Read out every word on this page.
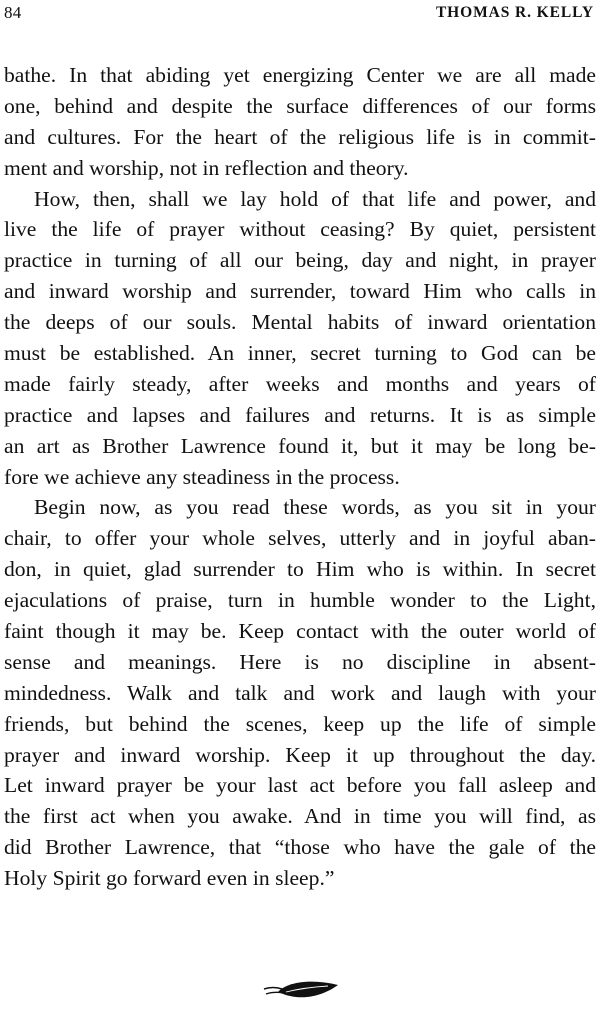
84	THOMAS R. KELLY
bathe. In that abiding yet energizing Center we are all made
one, behind and despite the surface differences of our forms
and cultures. For the heart of the religious life is in commit-
ment and worship, not in reflection and theory.
How, then, shall we lay hold of that life and power, and
live the life of prayer without ceasing? By quiet, persistent
practice in turning of all our being, day and night, in prayer
and inward worship and surrender, toward Him who calls in
the deeps of our souls. Mental habits of inward orientation
must be established. An inner, secret turning to God can be
made fairly steady, after weeks and months and years of
practice and lapses and failures and returns. It is as simple
an art as Brother Lawrence found it, but it may be long be-
fore we achieve any steadiness in the process.
Begin now, as you read these words, as you sit in your
chair, to offer your whole selves, utterly and in joyful aban-
don, in quiet, glad surrender to Him who is within. In secret
ejaculations of praise, turn in humble wonder to the Light,
faint though it may be. Keep contact with the outer world of
sense and meanings. Here is no discipline in absent-
mindedness. Walk and talk and work and laugh with your
friends, but behind the scenes, keep up the life of simple
prayer and inward worship. Keep it up throughout the day.
Let inward prayer be your last act before you fall asleep and
the first act when you awake. And in time you will find, as
did Brother Lawrence, that “those who have the gale of the
Holy Spirit go forward even in sleep.”
